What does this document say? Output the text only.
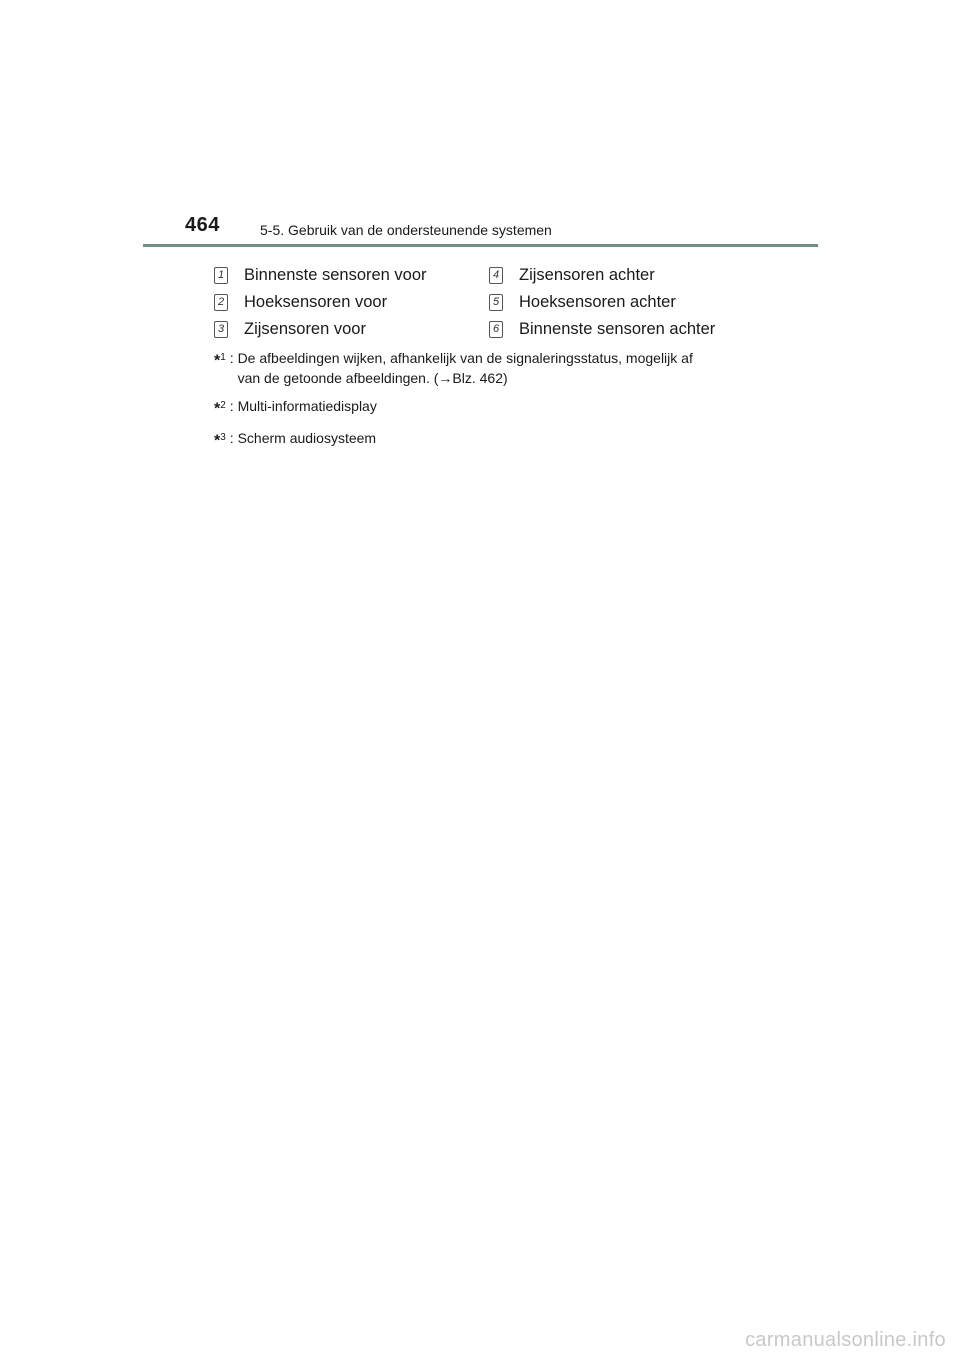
464	5-5. Gebruik van de ondersteunende systemen
1 Binnenste sensoren voor	4 Zijsensoren achter
2 Hoeksensoren voor	5 Hoeksensoren achter
3 Zijsensoren voor	6 Binnenste sensoren achter
*$^1$ : De afbeeldingen wijken, afhankelijk van de signaleringsstatus, mogelijk af
van de getoonde afbeeldingen. (→Blz. 462)
*$^2$ : Multi-informatiedisplay
*$^3$ : Scherm audiosysteem
carmanualsonline.info
